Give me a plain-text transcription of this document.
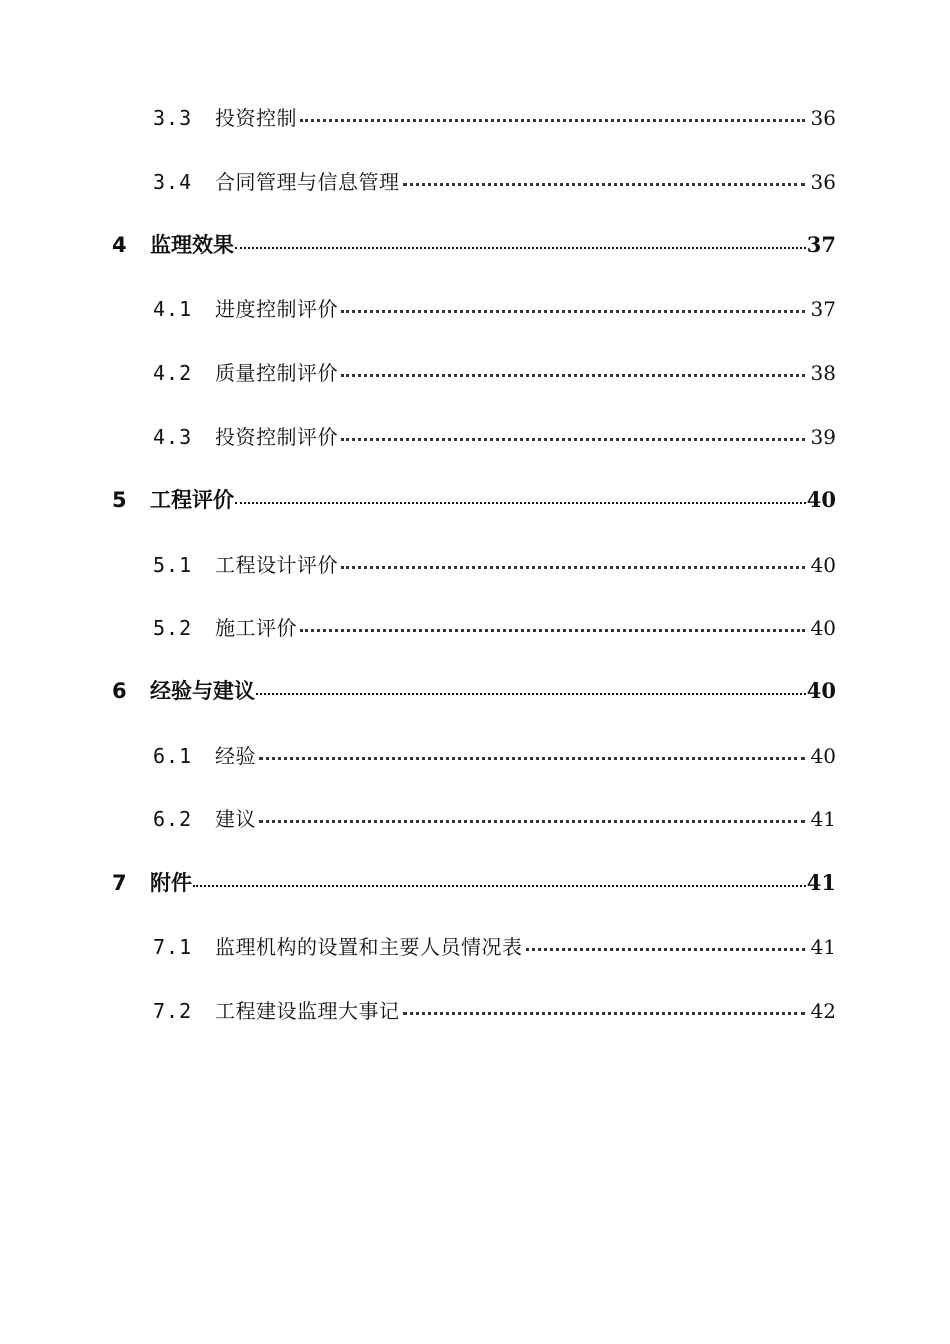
3.3	投资控制	36
3.4	合同管理与信息管理	36
4	监理效果	37
4.1	进度控制评价	37
4.2	质量控制评价	38
4.3	投资控制评价	39
5	工程评价	40
5.1	工程设计评价	40
5.2	施工评价	40
6	经验与建议	40
6.1	经验	40
6.2	建议	41
7	附件	41
7.1	监理机构的设置和主要人员情况表	41
7.2	工程建设监理大事记	42
